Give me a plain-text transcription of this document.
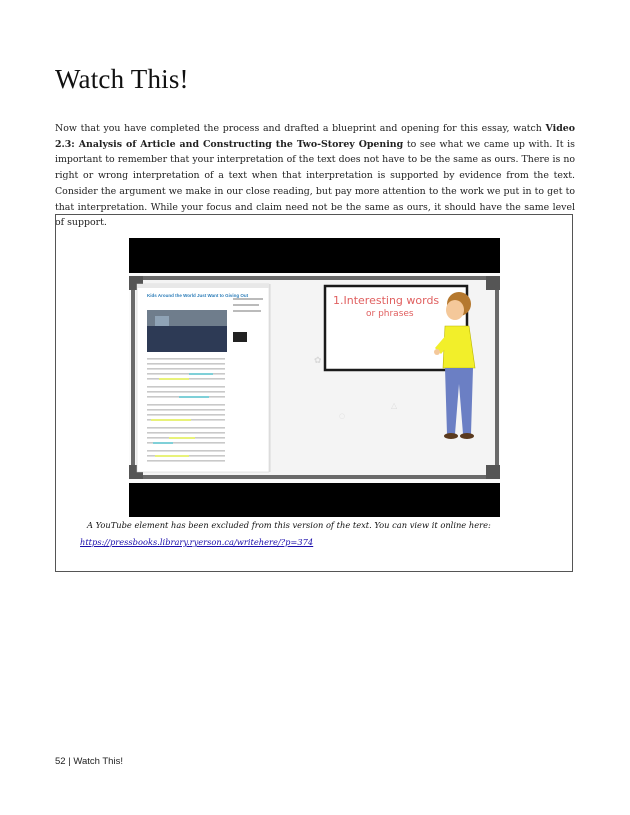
Watch This!

Now that you have completed the process and drafted a blueprint and opening for this essay, watch Video 2.3: Analysis of Article and Constructing the Two-Storey Opening to see what we came up with. It is important to remember that your interpretation of the text does not have to be the same as ours. There is no right or wrong interpretation of a text when that interpretation is supported by evidence from the text. Consider the argument we make in our close reading, but pay more attention to the work we put in to get to that interpretation. While your focus and claim need not be the same as ours, it should have the same level of support.

Kids Around the World Just Want to Giving Out
✿
△
○
1.Interesting words
or phrases
A YouTube element has been excluded from this version of the text. You can view it online here:
https://pressbooks.library.ryerson.ca/writehere/?p=374
52 | Watch This!
